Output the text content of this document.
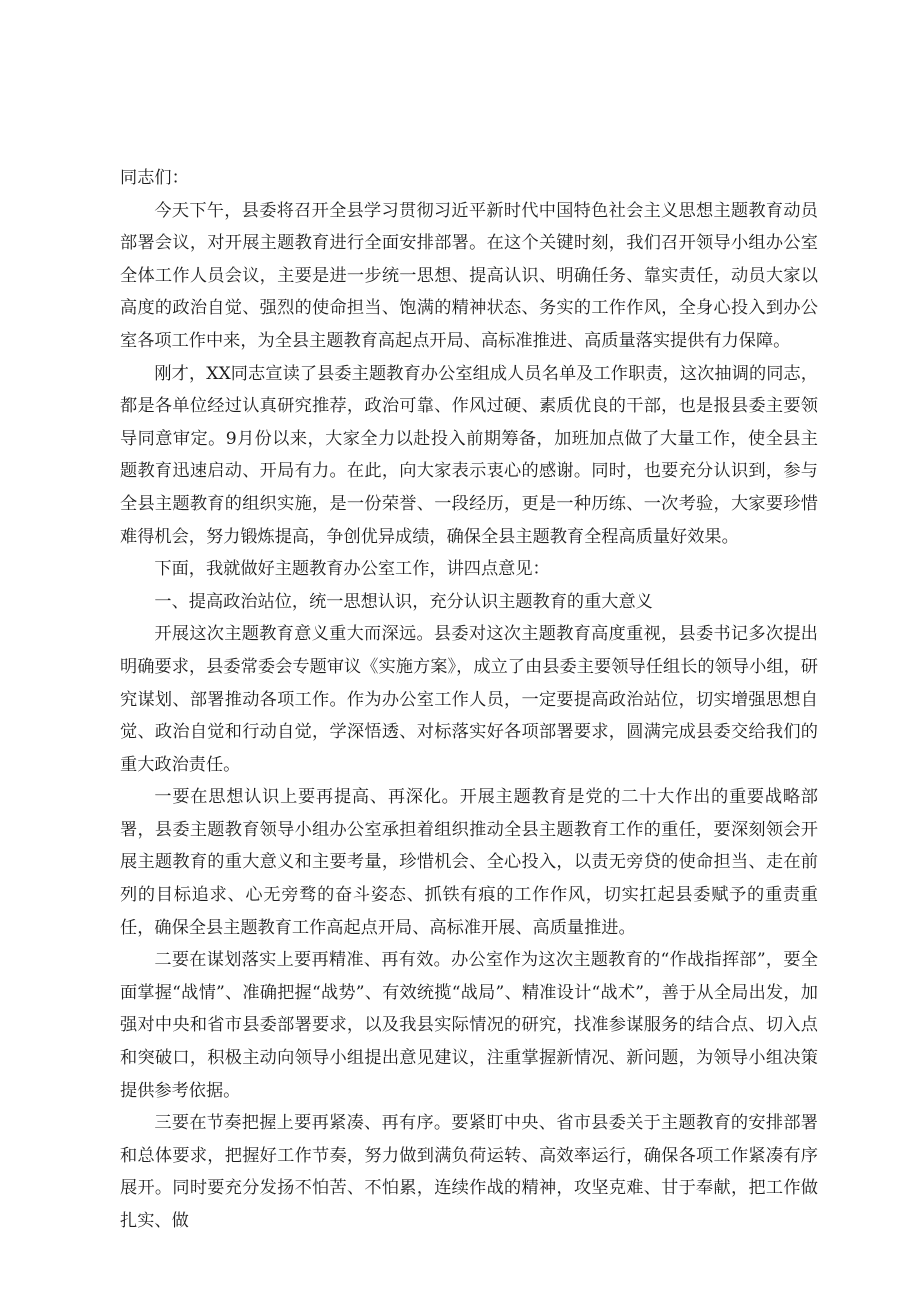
同志们：

今天下午，县委将召开全县学习贯彻习近平新时代中国特色社会主义思想主题教育动员部署会议，对开展主题教育进行全面安排部署。在这个关键时刻，我们召开领导小组办公室全体工作人员会议，主要是进一步统一思想、提高认识、明确任务、靠实责任，动员大家以高度的政治自觉、强烈的使命担当、饱满的精神状态、务实的工作作风，全身心投入到办公室各项工作中来，为全县主题教育高起点开局、高标准推进、高质量落实提供有力保障。

刚才，XX同志宣读了县委主题教育办公室组成人员名单及工作职责，这次抽调的同志，都是各单位经过认真研究推荐，政治可靠、作风过硬、素质优良的干部，也是报县委主要领导同意审定。9月份以来，大家全力以赴投入前期筹备，加班加点做了大量工作，使全县主题教育迅速启动、开局有力。在此，向大家表示衷心的感谢。同时，也要充分认识到，参与全县主题教育的组织实施，是一份荣誉、一段经历，更是一种历练、一次考验，大家要珍惜难得机会，努力锻炼提高，争创优异成绩，确保全县主题教育全程高质量好效果。

下面，我就做好主题教育办公室工作，讲四点意见：

一、提高政治站位，统一思想认识，充分认识主题教育的重大意义

开展这次主题教育意义重大而深远。县委对这次主题教育高度重视，县委书记多次提出明确要求，县委常委会专题审议《实施方案》，成立了由县委主要领导任组长的领导小组，研究谋划、部署推动各项工作。作为办公室工作人员，一定要提高政治站位，切实增强思想自觉、政治自觉和行动自觉，学深悟透、对标落实好各项部署要求，圆满完成县委交给我们的重大政治责任。

一要在思想认识上要再提高、再深化。开展主题教育是党的二十大作出的重要战略部署，县委主题教育领导小组办公室承担着组织推动全县主题教育工作的重任，要深刻领会开展主题教育的重大意义和主要考量，珍惜机会、全心投入，以责无旁贷的使命担当、走在前列的目标追求、心无旁骛的奋斗姿态、抓铁有痕的工作作风，切实扛起县委赋予的重责重任，确保全县主题教育工作高起点开局、高标准开展、高质量推进。

二要在谋划落实上要再精准、再有效。办公室作为这次主题教育的“作战指挥部”，要全面掌握“战情”、准确把握“战势”、有效统揽“战局”、精准设计“战术”，善于从全局出发，加强对中央和省市县委部署要求，以及我县实际情况的研究，找准参谋服务的结合点、切入点和突破口，积极主动向领导小组提出意见建议，注重掌握新情况、新问题，为领导小组决策提供参考依据。

三要在节奏把握上要再紧凑、再有序。要紧盯中央、省市县委关于主题教育的安排部署和总体要求，把握好工作节奏，努力做到满负荷运转、高效率运行，确保各项工作紧凑有序展开。同时要充分发扬不怕苦、不怕累，连续作战的精神，攻坚克难、甘于奉献，把工作做扎实、做
